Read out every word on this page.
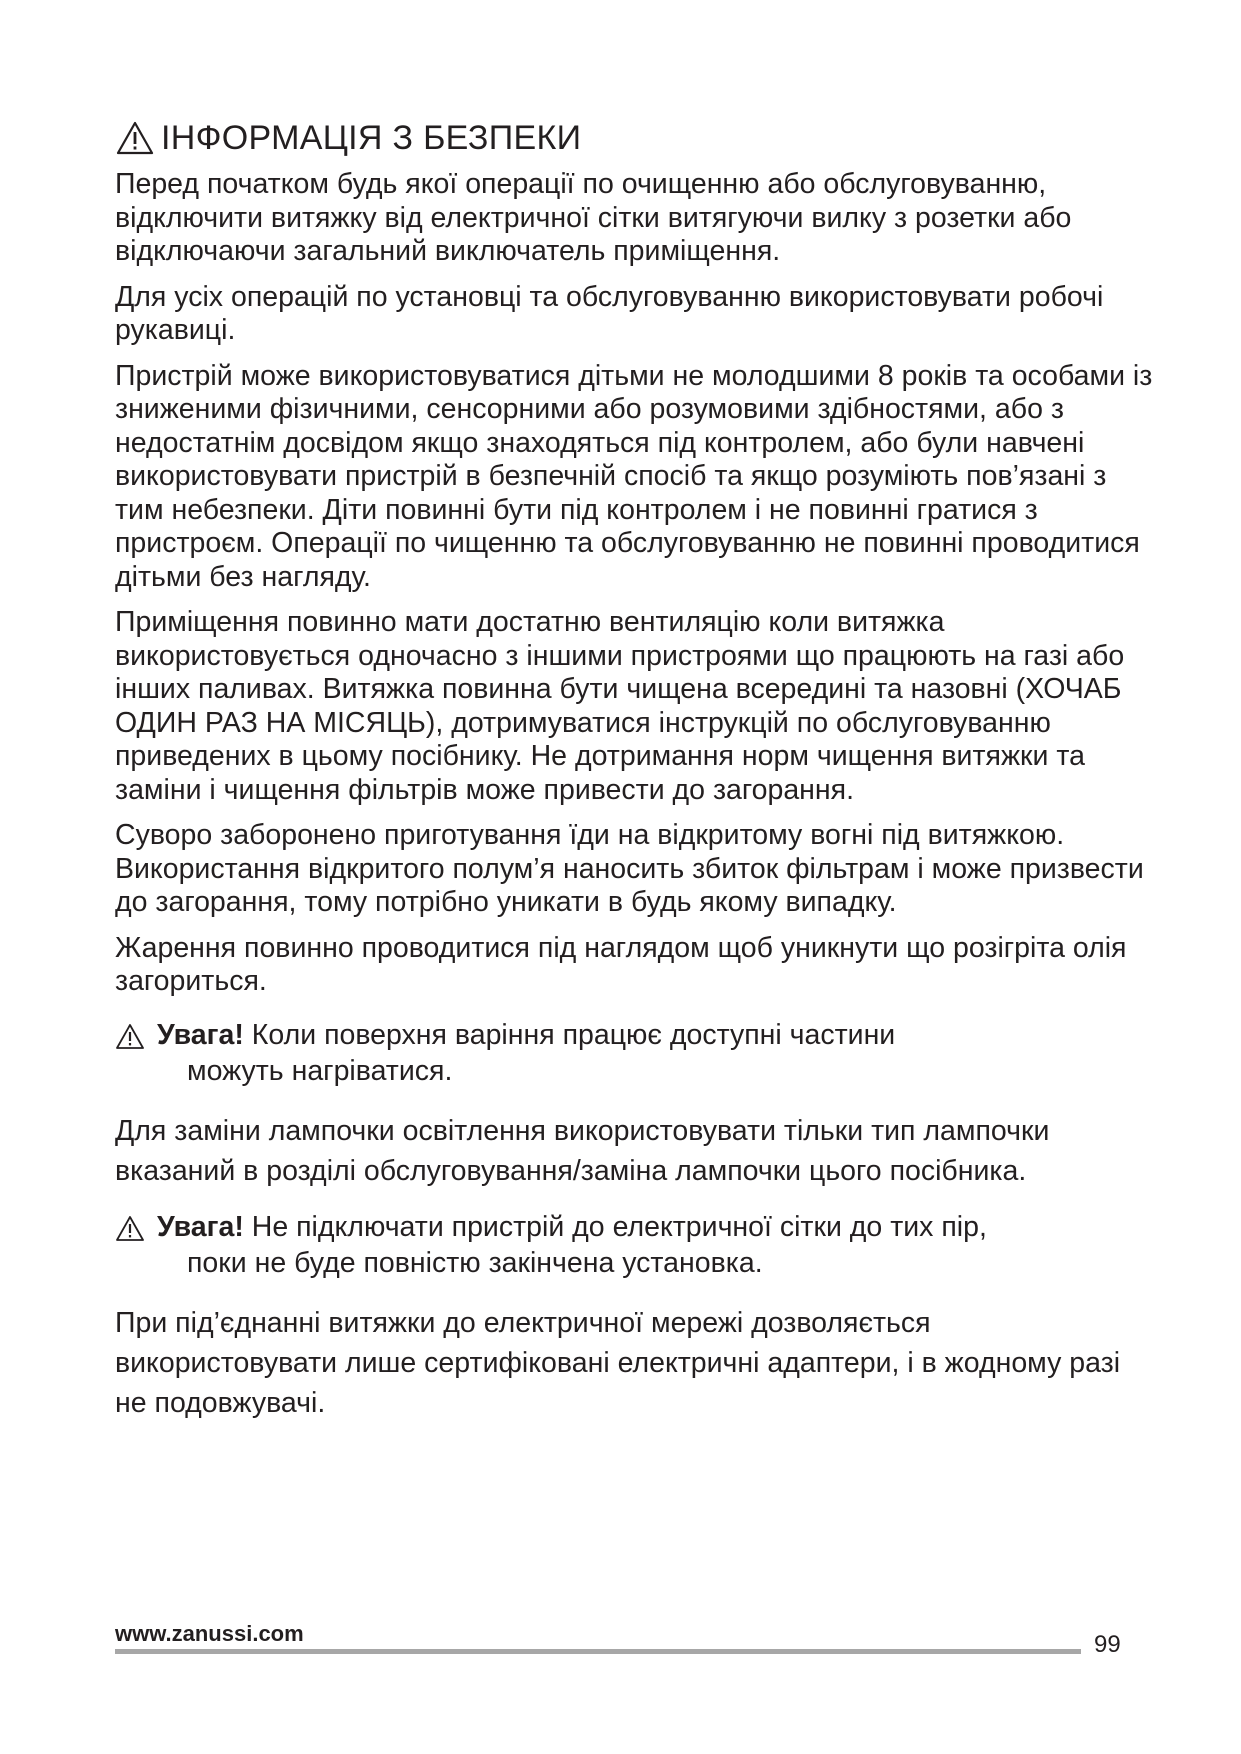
ІНФОРМАЦІЯ З БЕЗПЕКИ

Перед початком будь якої операції по очищенню або обслуговуванню, відключити витяжку від електричної сітки витягуючи вилку з розетки або відключаючи загальний виключатель приміщення.

Для усіх операцій по установці та обслуговуванню використовувати робочі рукавиці.

Пристрій може використовуватися дітьми не молодшими 8 років та особами із зниженими фізичними, сенсорними або розумовими здібностями, або з недостатнім досвідом якщо знаходяться під контролем, або були навчені використовувати пристрій в безпечній спосіб та якщо розуміють пов’язані з тим небезпеки. Діти повинні бути під контролем і не повинні гратися з пристроєм. Операції по чищенню та обслуговуванню не повинні проводитися дітьми без нагляду.

Приміщення повинно мати достатню вентиляцію коли витяжка використовується одночасно з іншими пристроями що працюють на газі або інших паливах. Витяжка повинна бути чищена всередині та назовні (ХОЧАБ ОДИН РАЗ НА МІСЯЦЬ), дотримуватися інструкцій по обслуговуванню приведених в цьому посібнику. Не дотримання норм чищення витяжки та заміни і чищення фільтрів може привести до загорання.

Суворо заборонено приготування їди на відкритому вогні під витяжкою. Використання відкритого полум’я наносить збиток фільтрам і може призвести до загорання, тому потрібно уникати в будь якому випадку.

Жарення повинно проводитися під наглядом щоб уникнути що розігріта олія загориться.

Увага! Коли поверхня варіння працює доступні частини
можуть нагріватися.

Для заміни лампочки освітлення використовувати тільки тип лампочки вказаний в розділі обслуговування/заміна лампочки цього посібника.

Увага! Не підключати пристрій до електричної сітки до тих пір,
поки не буде повністю закінчена установка.

При під’єднанні витяжки до електричної мережі дозволяється використовувати лише сертифіковані електричні адаптери, і в жодному разі не подовжувачі.

www.zanussi.com	99
